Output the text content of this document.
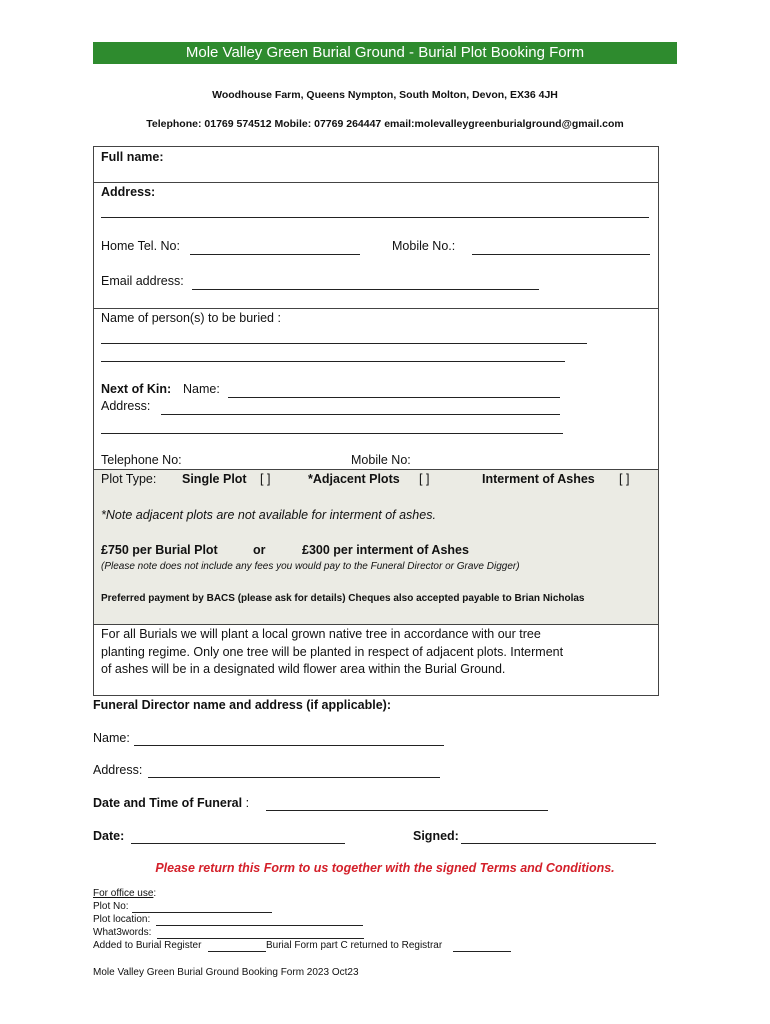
Mole Valley Green Burial Ground - Burial Plot Booking Form
Woodhouse Farm, Queens Nympton, South Molton, Devon, EX36 4JH
Telephone: 01769 574512 Mobile: 07769 264447 email:molevalleygreenburialground@gmail.com
Full name:
Address:
Home Tel. No:	Mobile No.:
Email address:
Name of person(s) to be buried :
Next of Kin: Name:
Address:
Telephone No:	Mobile No:
Plot Type: Single Plot [ ]	*Adjacent Plots [ ]	Interment of Ashes [ ]
*Note adjacent plots are not available for interment of ashes.
£750 per Burial Plot	or	£300 per interment of Ashes
(Please note does not include any fees you would pay to the Funeral Director or Grave Digger)
Preferred payment by BACS (please ask for details) Cheques also accepted payable to Brian Nicholas
For all Burials we will plant a local grown native tree in accordance with our tree
planting regime. Only one tree will be planted in respect of adjacent plots. Interment
of ashes will be in a designated wild flower area within the Burial Ground.
Funeral Director name and address (if applicable):
Name:
Address:
Date and Time of Funeral :
Date:	Signed:
Please return this Form to us together with the signed Terms and Conditions.
For office use:
Plot No:
Plot location:
What3words:
Added to Burial Register	Burial Form part C returned to Registrar
Mole Valley Green Burial Ground Booking Form 2023 Oct23
